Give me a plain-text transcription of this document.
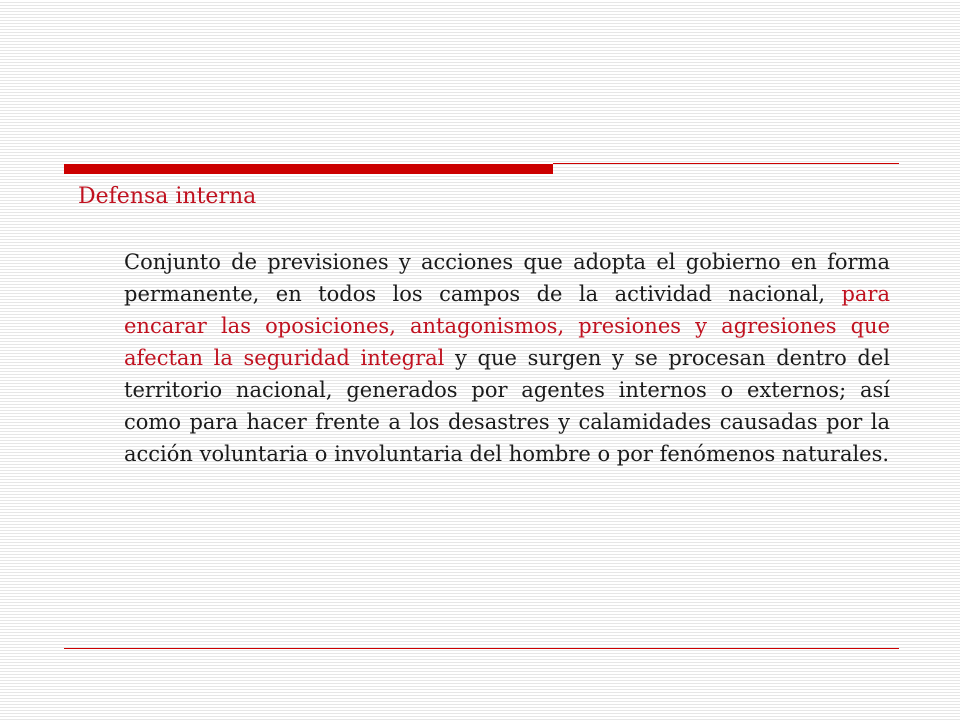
Defensa interna

Conjunto de previsiones y acciones que adopta el gobierno en forma permanente, en todos los campos de la actividad nacional, para encarar las oposiciones, antagonismos, presiones y agresiones que afectan la seguridad integral y que surgen y se procesan dentro del territorio nacional, generados por agentes internos o externos; así como para hacer frente a los desastres y calamidades causadas por la acción voluntaria o involuntaria del hombre o por fenómenos naturales.
